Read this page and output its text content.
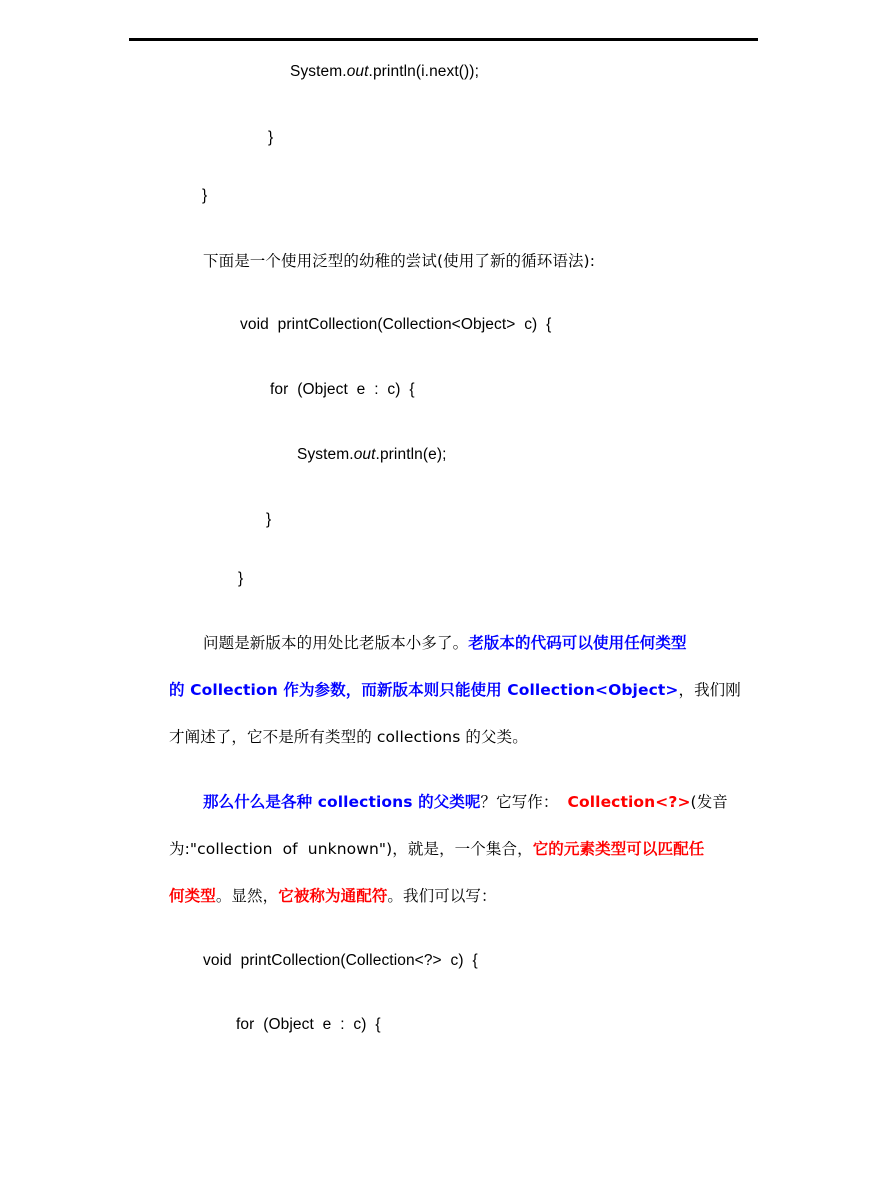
System.out.println(i.next());
}
}
下面是一个使用泛型的幼稚的尝试(使用了新的循环语法):
void  printCollection(Collection<Object>  c)  {
for  (Object  e  :  c)  {
System.out.println(e);
}
}
问题是新版本的用处比老版本小多了。老版本的代码可以使用任何类型
的 Collection 作为参数，而新版本则只能使用 Collection<Object>，我们刚
才阐述了，它不是所有类型的 collections 的父类。
那么什么是各种 collections 的父类呢？它写作： Collection<?>(发音
为:"collection  of  unknown")，就是，一个集合，它的元素类型可以匹配任
何类型。显然，它被称为通配符。我们可以写：
void  printCollection(Collection<?>  c)  {
for  (Object  e  :  c)  {
